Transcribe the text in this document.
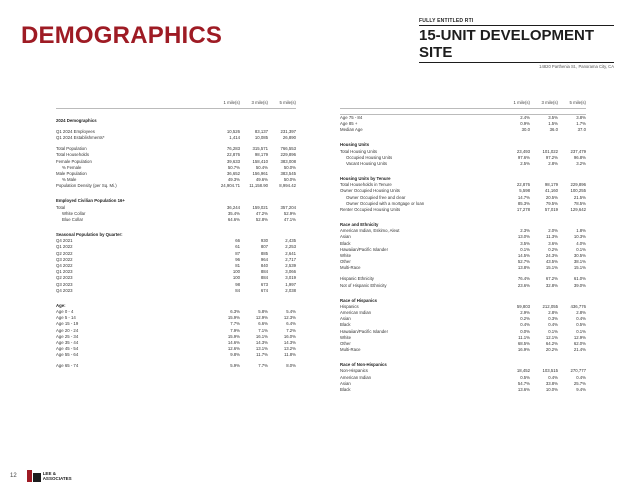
DEMOGRAPHICS
FULLY ENTITLED RTI
15-UNIT DEVELOPMENT SITE
14820 Parthenia St., Panorama City, CA
	1 mile(s)	3 mile(s)	5 mile(s)

2024 Demographics			

Q1 2024 Employees	10,526	83,137	231,397
Q1 2024 Establishments*	1,414	10,085	26,890

Total Population	76,283	315,571	766,553
Total Households	22,876	98,179	229,896
Female Population	39,633	158,410	383,008
% Female	50.7%	50.4%	50.0%
Male Population	36,652	156,961	383,545
% Male	49.3%	49.6%	50.0%
Population Density (per Sq. Mi.)	24,904.71	11,158.90	8,994.42

Employed Civilian Population 16+			
Total	36,244	159,021	357,204
White Collar	35.4%	47.2%	52.9%
Blue Collar	64.6%	52.8%	47.1%

Seasonal Population by Quarter:			
Q4 2021	66	930	2,435
Q1 2022	61	807	2,253
Q2 2022	87	885	2,641
Q3 2022	96	964	2,717
Q4 2022	81	840	2,539
Q1 2023	100	884	3,066
Q2 2023	100	884	3,019
Q3 2023	98	673	1,997
Q4 2023	84	674	2,038

Age:			
Age 0 - 4	6.3%	5.8%	5.4%
Age 5 - 14	15.9%	12.9%	12.3%
Age 15 - 19	7.7%	6.6%	6.4%
Age 20 - 24	7.9%	7.1%	7.2%
Age 25 - 34	15.9%	16.1%	16.0%
Age 35 - 44	14.6%	14.3%	14.3%
Age 45 - 54	12.6%	13.1%	13.2%
Age 55 - 64	9.8%	11.7%	11.8%

Age 65 - 74	5.9%	7.7%	8.0%
	1 mile(s)	3 mile(s)	5 mile(s)

Age 75 - 84	2.4%	3.5%	3.8%
Age 85 +	0.9%	1.5%	1.7%
Median Age	30.0	36.0	37.0

Housing Units			
Total Housing Units	23,493	101,022	237,479
Occupied Housing Units	97.6%	97.2%	96.8%
Vacant Housing Units	2.5%	2.8%	3.2%

Housing Units by Tenure			
Total Households in Tenure	22,876	98,179	229,896
Owner Occupied Housing Units	5,598	41,160	100,255
Owner Occupied free and clear	14.7%	20.5%	21.5%
Owner Occupied with a mortgage or loan	85.3%	79.5%	78.5%
Renter Occupied Housing Units	17,278	57,019	129,642

Race and Ethnicity			
American Indian, Eskimo, Aleut	2.3%	2.0%	1.8%
Asian	13.0%	11.3%	10.3%
Black	3.5%	3.6%	4.0%
Hawaiian/Pacific Islander	0.1%	0.2%	0.1%
White	14.5%	24.3%	30.5%
Other	52.7%	43.5%	38.1%
Multi-Race	13.8%	15.1%	15.1%

Hispanic Ethnicity	76.4%	67.2%	61.0%
Not of Hispanic Ethnicity	23.6%	32.8%	39.0%

Race of Hispanics			
Hispanics	59,803	212,055	436,776
American Indian	2.9%	2.8%	2.8%
Asian	0.2%	0.3%	0.4%
Black	0.4%	0.4%	0.5%
Hawaiian/Pacific Islander	0.0%	0.1%	0.1%
White	11.1%	12.1%	12.9%
Other	68.5%	64.2%	62.0%
Multi-Race	16.9%	20.2%	21.4%

Race of Non-Hispanics			
Non-Hispanics	18,452	103,515	270,777
American Indian	0.5%	0.4%	0.4%
Asian	54.7%	33.8%	25.7%
Black	13.6%	10.0%	9.4%
12	LEE &
ASSOCIATES
